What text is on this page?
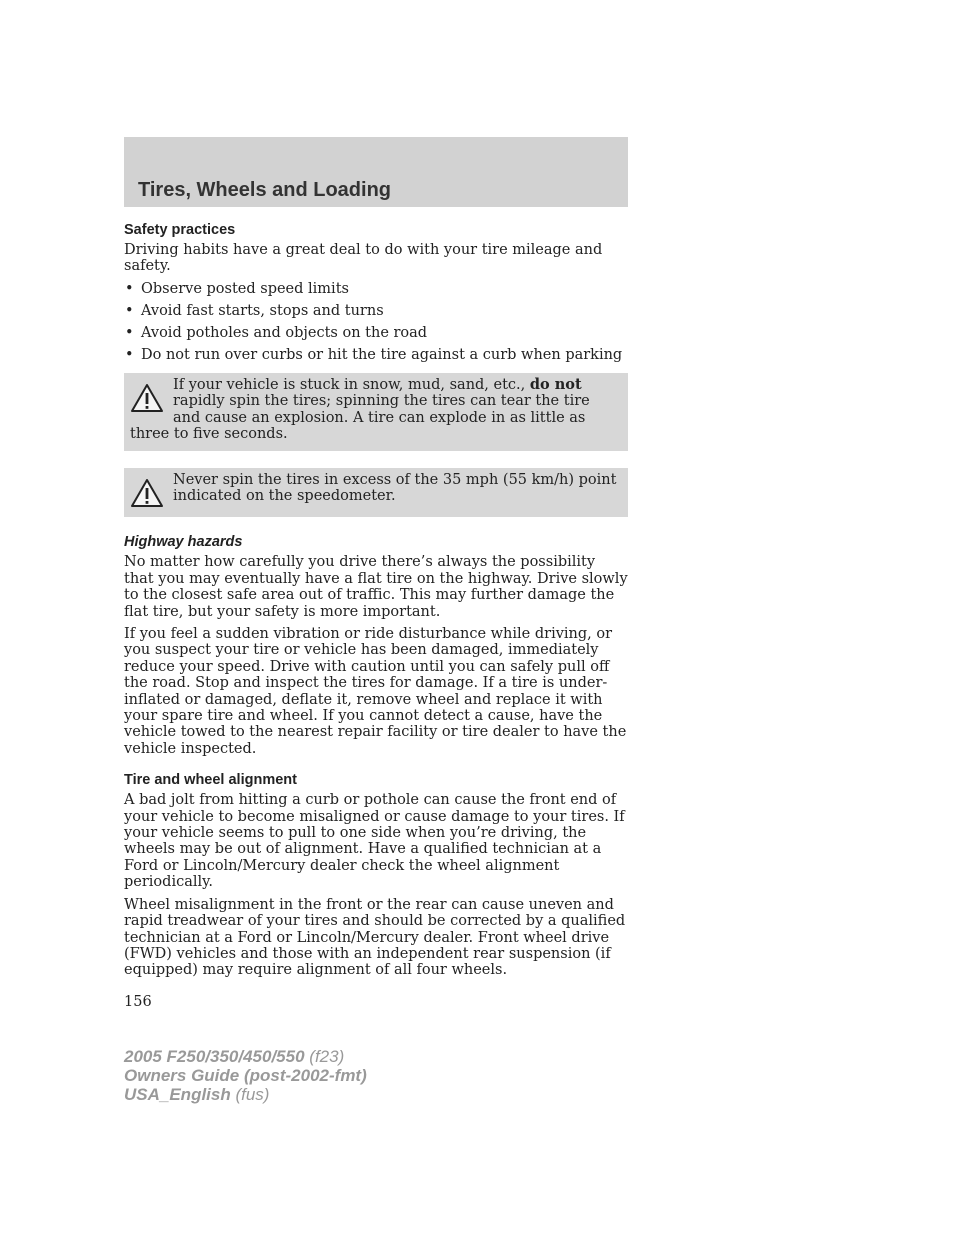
Tires, Wheels and Loading
Safety practices

Driving habits have a great deal to do with your tire mileage and safety.

• Observe posted speed limits
• Avoid fast starts, stops and turns
• Avoid potholes and objects on the road
• Do not run over curbs or hit the tire against a curb when parking
If your vehicle is stuck in snow, mud, sand, etc., do not rapidly spin the tires; spinning the tires can tear the tire and cause an explosion. A tire can explode in as little as three to five seconds.
Never spin the tires in excess of the 35 mph (55 km/h) point indicated on the speedometer.
Highway hazards

No matter how carefully you drive there’s always the possibility that you may eventually have a flat tire on the highway. Drive slowly to the closest safe area out of traffic. This may further damage the flat tire, but your safety is more important.

If you feel a sudden vibration or ride disturbance while driving, or you suspect your tire or vehicle has been damaged, immediately reduce your speed. Drive with caution until you can safely pull off the road. Stop and inspect the tires for damage. If a tire is under-inflated or damaged, deflate it, remove wheel and replace it with your spare tire and wheel. If you cannot detect a cause, have the vehicle towed to the nearest repair facility or tire dealer to have the vehicle inspected.

Tire and wheel alignment

A bad jolt from hitting a curb or pothole can cause the front end of your vehicle to become misaligned or cause damage to your tires. If your vehicle seems to pull to one side when you’re driving, the wheels may be out of alignment. Have a qualified technician at a Ford or Lincoln/Mercury dealer check the wheel alignment periodically.

Wheel misalignment in the front or the rear can cause uneven and rapid treadwear of your tires and should be corrected by a qualified technician at a Ford or Lincoln/Mercury dealer. Front wheel drive (FWD) vehicles and those with an independent rear suspension (if equipped) may require alignment of all four wheels.

156
2005 F250/350/450/550 (f23)
Owners Guide (post-2002-fmt)
USA_English (fus)
